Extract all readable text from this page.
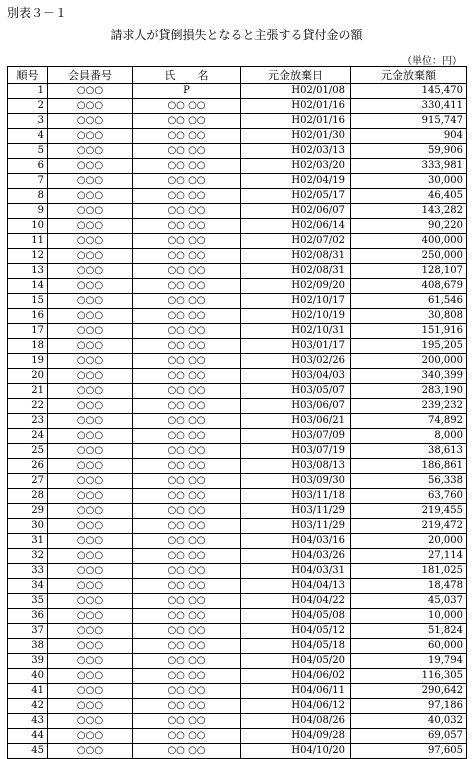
別表３－１
請求人が貸倒損失となると主張する貸付金の額
（単位：円）
順号	会員番号	氏　　名	元金放棄日	元金放棄額
1	○○○	P	H02/01/08	145,470
2	○○○	○○ ○○	H02/01/16	330,411
3	○○○	○○ ○○	H02/01/16	915,747
4	○○○	○○ ○○	H02/01/30	904
5	○○○	○○ ○○	H02/03/13	59,906
6	○○○	○○ ○○	H02/03/20	333,981
7	○○○	○○ ○○	H02/04/19	30,000
8	○○○	○○ ○○	H02/05/17	46,405
9	○○○	○○ ○○	H02/06/07	143,282
10	○○○	○○ ○○	H02/06/14	90,220
11	○○○	○○ ○○	H02/07/02	400,000
12	○○○	○○ ○○	H02/08/31	250,000
13	○○○	○○ ○○	H02/08/31	128,107
14	○○○	○○ ○○	H02/09/20	408,679
15	○○○	○○ ○○	H02/10/17	61,546
16	○○○	○○ ○○	H02/10/19	30,808
17	○○○	○○ ○○	H02/10/31	151,916
18	○○○	○○ ○○	H03/01/17	195,205
19	○○○	○○ ○○	H03/02/26	200,000
20	○○○	○○ ○○	H03/04/03	340,399
21	○○○	○○ ○○	H03/05/07	283,190
22	○○○	○○ ○○	H03/06/07	239,232
23	○○○	○○ ○○	H03/06/21	74,892
24	○○○	○○ ○○	H03/07/09	8,000
25	○○○	○○ ○○	H03/07/19	38,613
26	○○○	○○ ○○	H03/08/13	186,861
27	○○○	○○ ○○	H03/09/30	56,338
28	○○○	○○ ○○	H03/11/18	63,760
29	○○○	○○ ○○	H03/11/29	219,455
30	○○○	○○ ○○	H03/11/29	219,472
31	○○○	○○ ○○	H04/03/16	20,000
32	○○○	○○ ○○	H04/03/26	27,114
33	○○○	○○ ○○	H04/03/31	181,025
34	○○○	○○ ○○	H04/04/13	18,478
35	○○○	○○ ○○	H04/04/22	45,037
36	○○○	○○ ○○	H04/05/08	10,000
37	○○○	○○ ○○	H04/05/12	51,824
38	○○○	○○ ○○	H04/05/18	60,000
39	○○○	○○ ○○	H04/05/20	19,794
40	○○○	○○ ○○	H04/06/02	116,305
41	○○○	○○ ○○	H04/06/11	290,642
42	○○○	○○ ○○	H04/06/12	97,186
43	○○○	○○ ○○	H04/08/26	40,032
44	○○○	○○ ○○	H04/09/28	69,057
45	○○○	○○ ○○	H04/10/20	97,605
